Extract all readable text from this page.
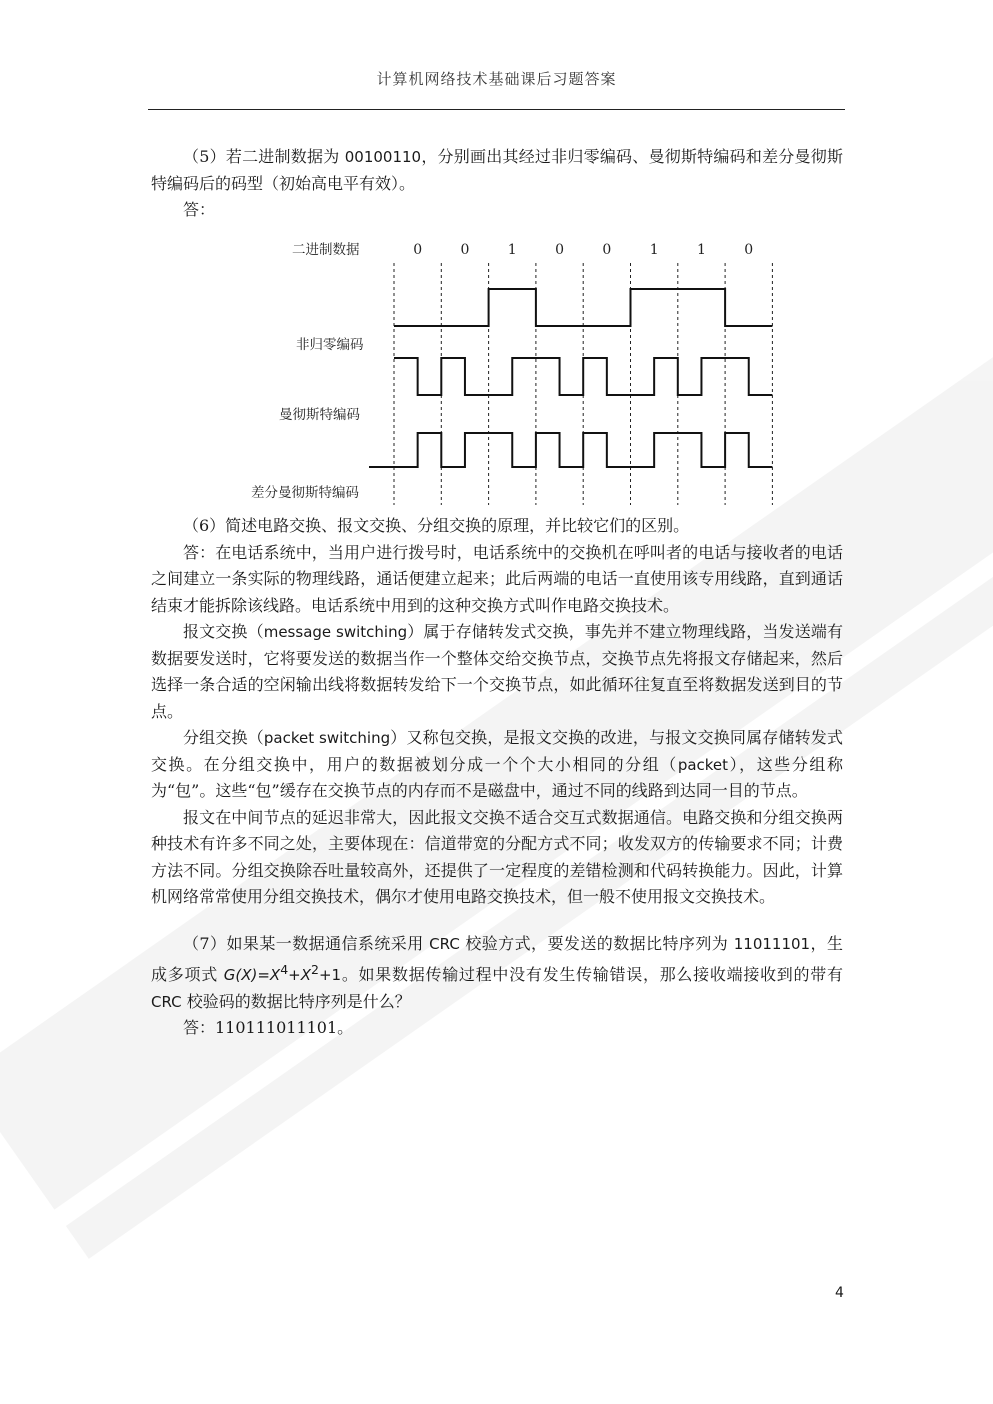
计算机网络技术基础课后习题答案

（5）若二进制数据为 00100110，分别画出其经过非归零编码、曼彻斯特编码和差分曼彻斯特编码后的码型（初始高电平有效）。

答：

二进制数据
非归零编码
曼彻斯特编码
差分曼彻斯特编码
0	0	1	0	0	1	1	0

（6）简述电路交换、报文交换、分组交换的原理，并比较它们的区别。

答：在电话系统中，当用户进行拨号时，电话系统中的交换机在呼叫者的电话与接收者的电话之间建立一条实际的物理线路，通话便建立起来；此后两端的电话一直使用该专用线路，直到通话结束才能拆除该线路。电话系统中用到的这种交换方式叫作电路交换技术。

报文交换（message switching）属于存储转发式交换，事先并不建立物理线路，当发送端有数据要发送时，它将要发送的数据当作一个整体交给交换节点，交换节点先将报文存储起来，然后选择一条合适的空闲输出线将数据转发给下一个交换节点，如此循环往复直至将数据发送到目的节点。

分组交换（packet switching）又称包交换，是报文交换的改进，与报文交换同属存储转发式交换。在分组交换中，用户的数据被划分成一个个大小相同的分组（packet），这些分组称为“包”。这些“包”缓存在交换节点的内存而不是磁盘中，通过不同的线路到达同一目的节点。

报文在中间节点的延迟非常大，因此报文交换不适合交互式数据通信。电路交换和分组交换两种技术有许多不同之处，主要体现在：信道带宽的分配方式不同；收发双方的传输要求不同；计费方法不同。分组交换除吞吐量较高外，还提供了一定程度的差错检测和代码转换能力。因此，计算机网络常常使用分组交换技术，偶尔才使用电路交换技术，但一般不使用报文交换技术。

（7）如果某一数据通信系统采用 CRC 校验方式，要发送的数据比特序列为 11011101，生成多项式 $G(X)=X^4+X^2+1$。如果数据传输过程中没有发生传输错误，那么接收端接收到的带有 CRC 校验码的数据比特序列是什么？

答：110111011101。

4
